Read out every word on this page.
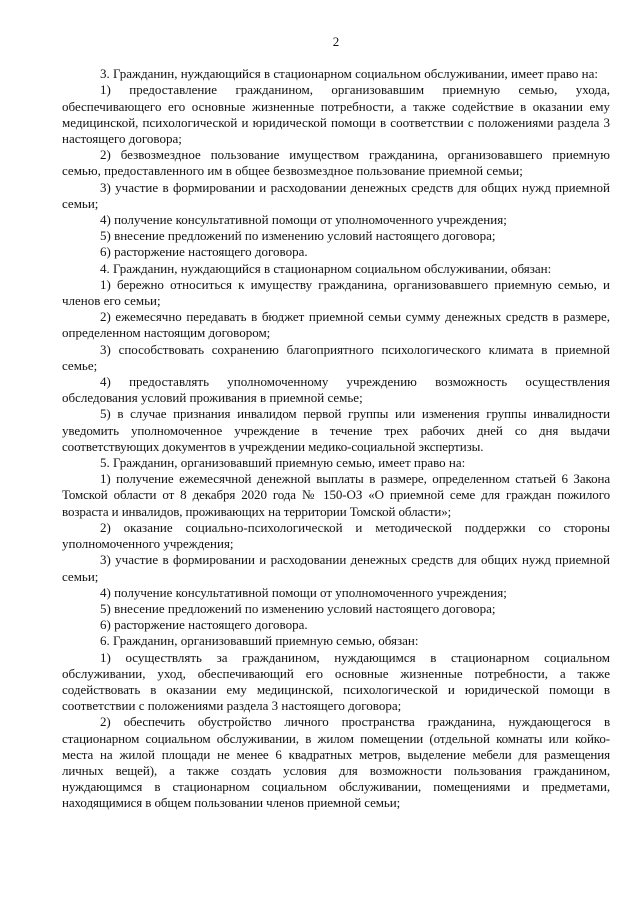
2

3. Гражданин, нуждающийся в стационарном социальном обслуживании, имеет право на:

1) предоставление гражданином, организовавшим приемную семью, ухода, обеспечивающего его основные жизненные потребности, а также содействие в оказании ему медицинской, психологической и юридической помощи в соответствии с положениями раздела 3 настоящего договора;

2) безвозмездное пользование имуществом гражданина, организовавшего приемную семью, предоставленного им в общее безвозмездное пользование приемной семьи;

3) участие в формировании и расходовании денежных средств для общих нужд приемной семьи;

4) получение консультативной помощи от уполномоченного учреждения;

5) внесение предложений по изменению условий настоящего договора;

6) расторжение настоящего договора.

4. Гражданин, нуждающийся в стационарном социальном обслуживании, обязан:

1) бережно относиться к имуществу гражданина, организовавшего приемную семью, и членов его семьи;

2) ежемесячно передавать в бюджет приемной семьи сумму денежных средств в размере, определенном настоящим договором;

3) способствовать сохранению благоприятного психологического климата в приемной семье;

4) предоставлять уполномоченному учреждению возможность осуществления обследования условий проживания в приемной семье;

5) в случае признания инвалидом первой группы или изменения группы инвалидности уведомить уполномоченное учреждение в течение трех рабочих дней со дня выдачи соответствующих документов в учреждении медико-социальной экспертизы.

5. Гражданин, организовавший приемную семью, имеет право на:

1) получение ежемесячной денежной выплаты в размере, определенном статьей 6 Закона Томской области от 8 декабря 2020 года № 150-ОЗ «О приемной семе для граждан пожилого возраста и инвалидов, проживающих на территории Томской области»;

2) оказание социально-психологической и методической поддержки со стороны уполномоченного учреждения;

3) участие в формировании и расходовании денежных средств для общих нужд приемной семьи;

4) получение консультативной помощи от уполномоченного учреждения;

5) внесение предложений по изменению условий настоящего договора;

6) расторжение настоящего договора.

6. Гражданин, организовавший приемную семью, обязан:

1) осуществлять за гражданином, нуждающимся в стационарном социальном обслуживании, уход, обеспечивающий его основные жизненные потребности, а также содействовать в оказании ему медицинской, психологической и юридической помощи в соответствии с положениями раздела 3 настоящего договора;

2) обеспечить обустройство личного пространства гражданина, нуждающегося в стационарном социальном обслуживании, в жилом помещении (отдельной комнаты или койко-места на жилой площади не менее 6 квадратных метров, выделение мебели для размещения личных вещей), а также создать условия для возможности пользования гражданином, нуждающимся в стационарном социальном обслуживании, помещениями и предметами, находящимися в общем пользовании членов приемной семьи;
